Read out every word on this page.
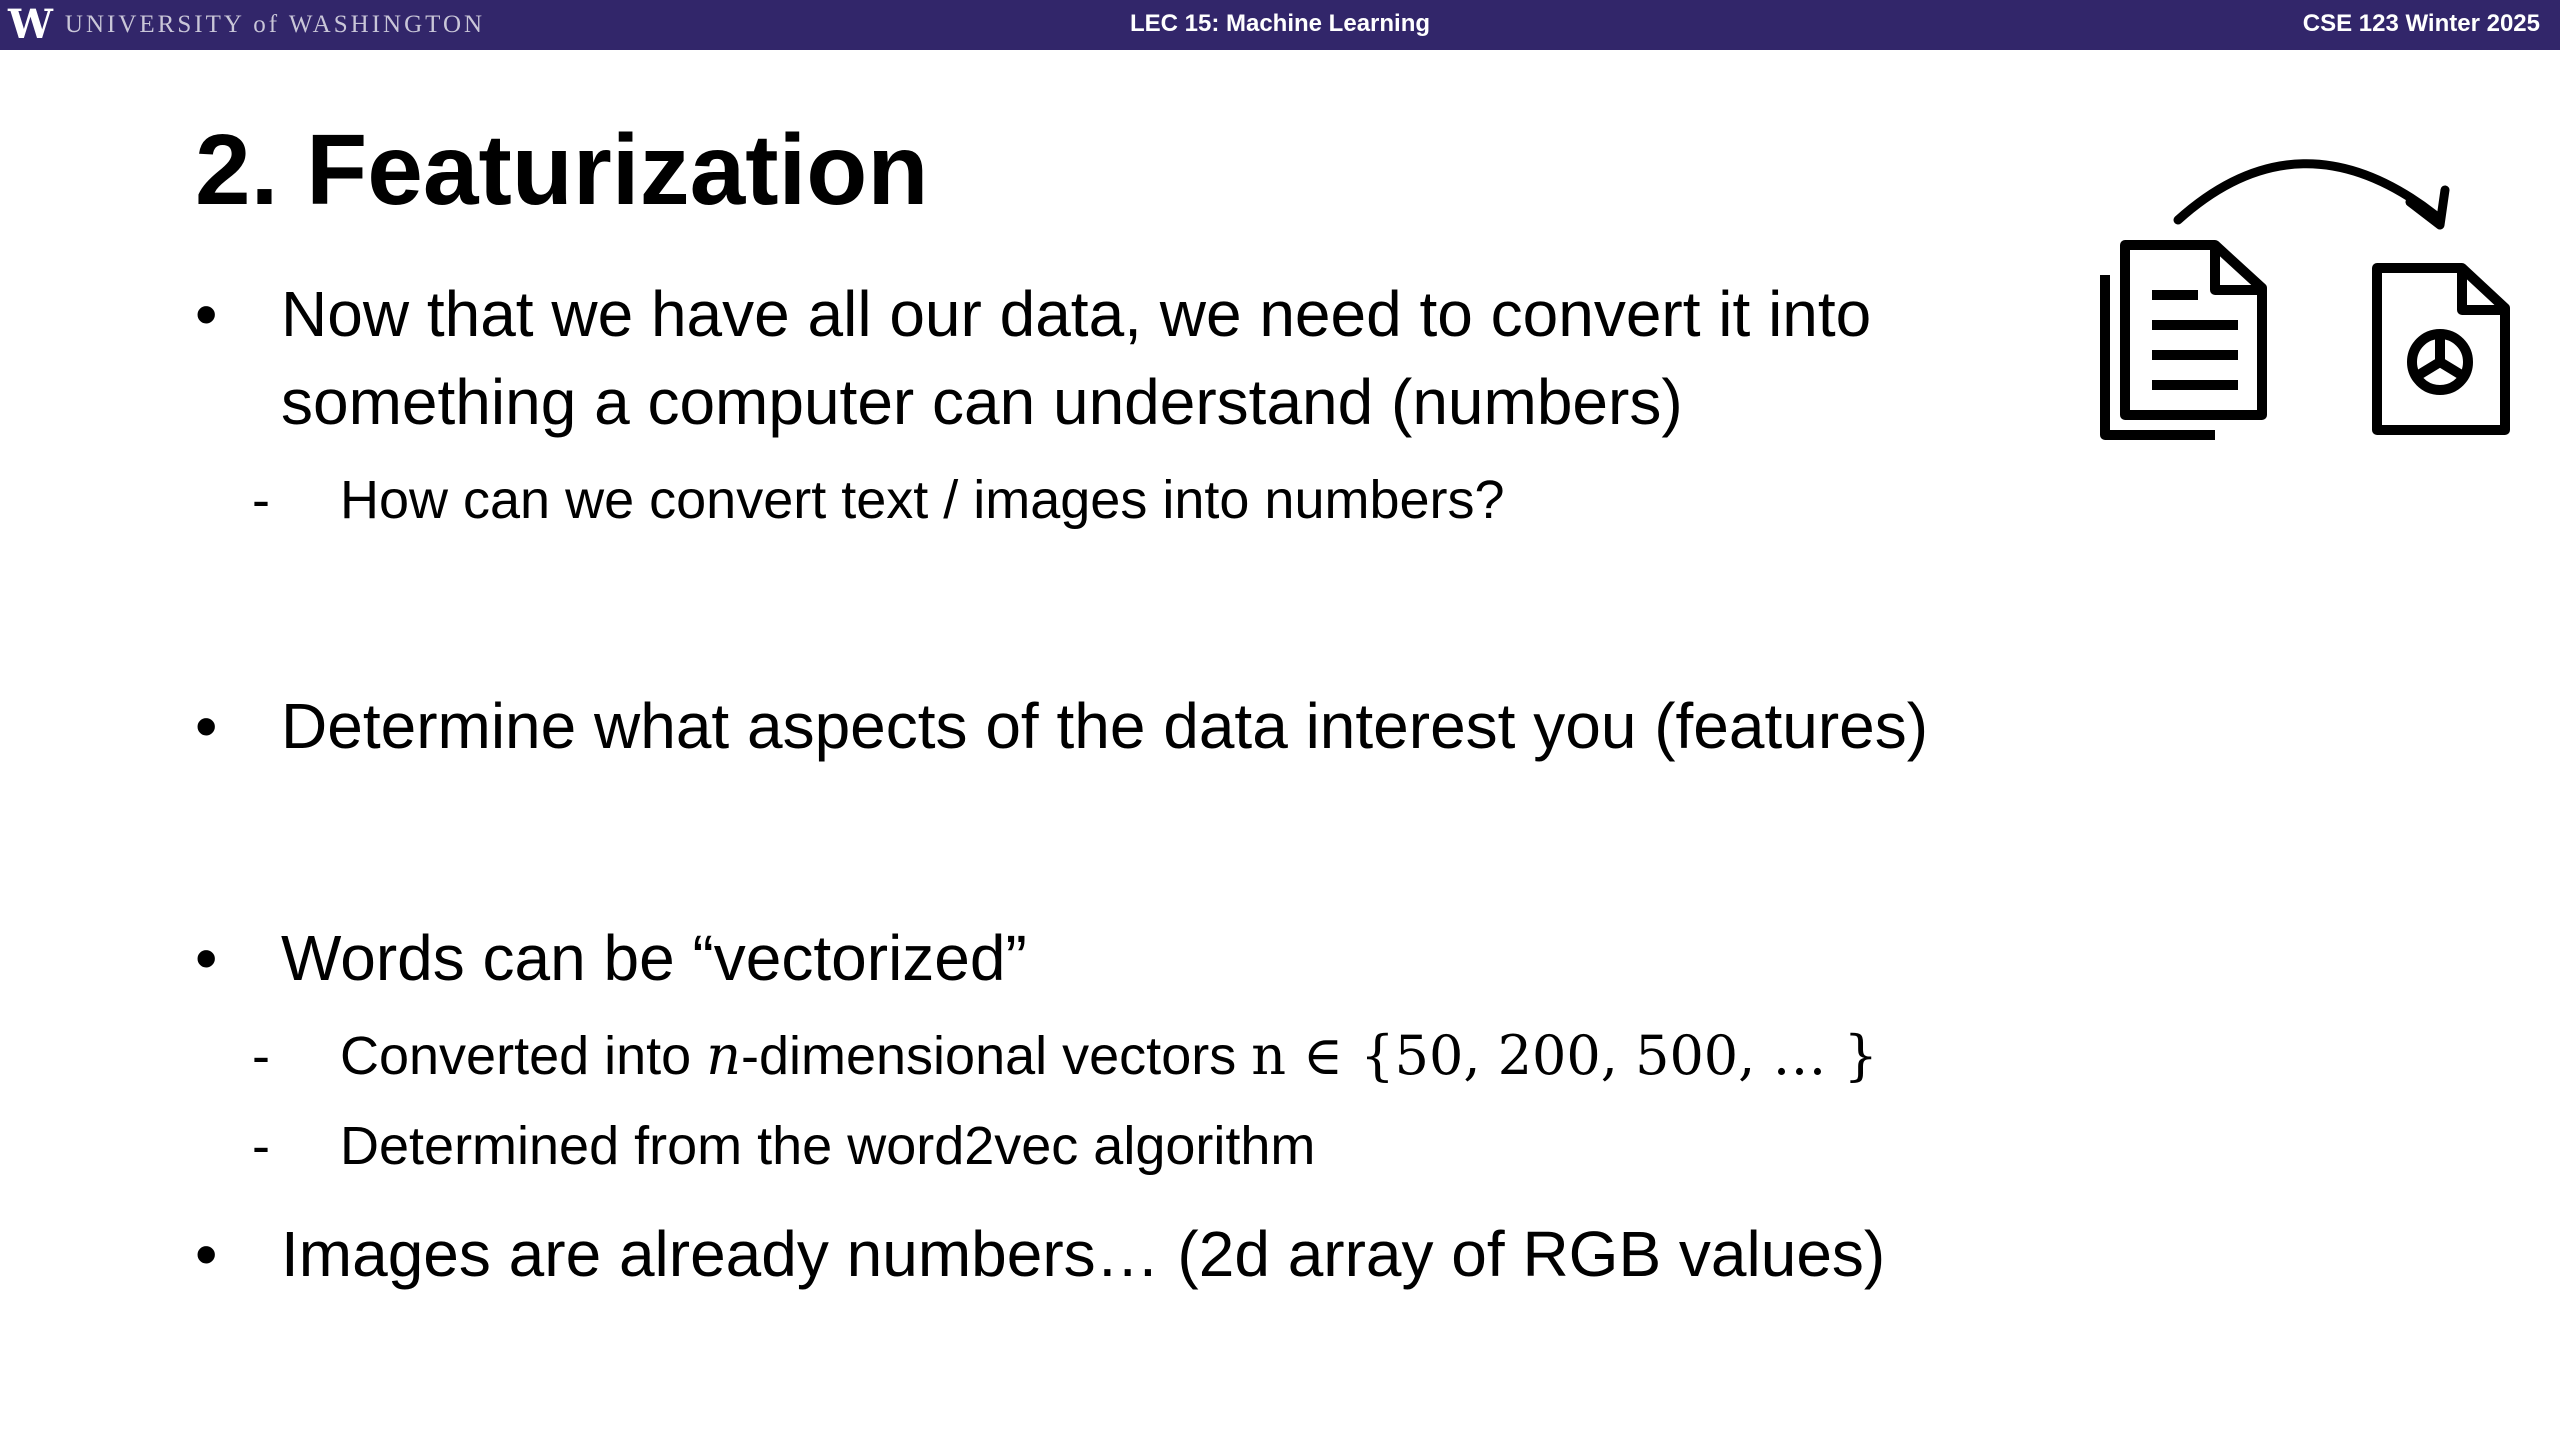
W UNIVERSITY of WASHINGTON	LEC 15: Machine Learning	CSE 123 Winter 2025
2. Featurization
• Now that we have all our data, we need to convert it into
something a computer can understand (numbers)
- How can we convert text / images into numbers?
• Determine what aspects of the data interest you (features)
• Words can be “vectorized”
- Converted into n-dimensional vectors n ∈ {50, 200, 500, … }
- Determined from the word2vec algorithm
• Images are already numbers… (2d array of RGB values)
